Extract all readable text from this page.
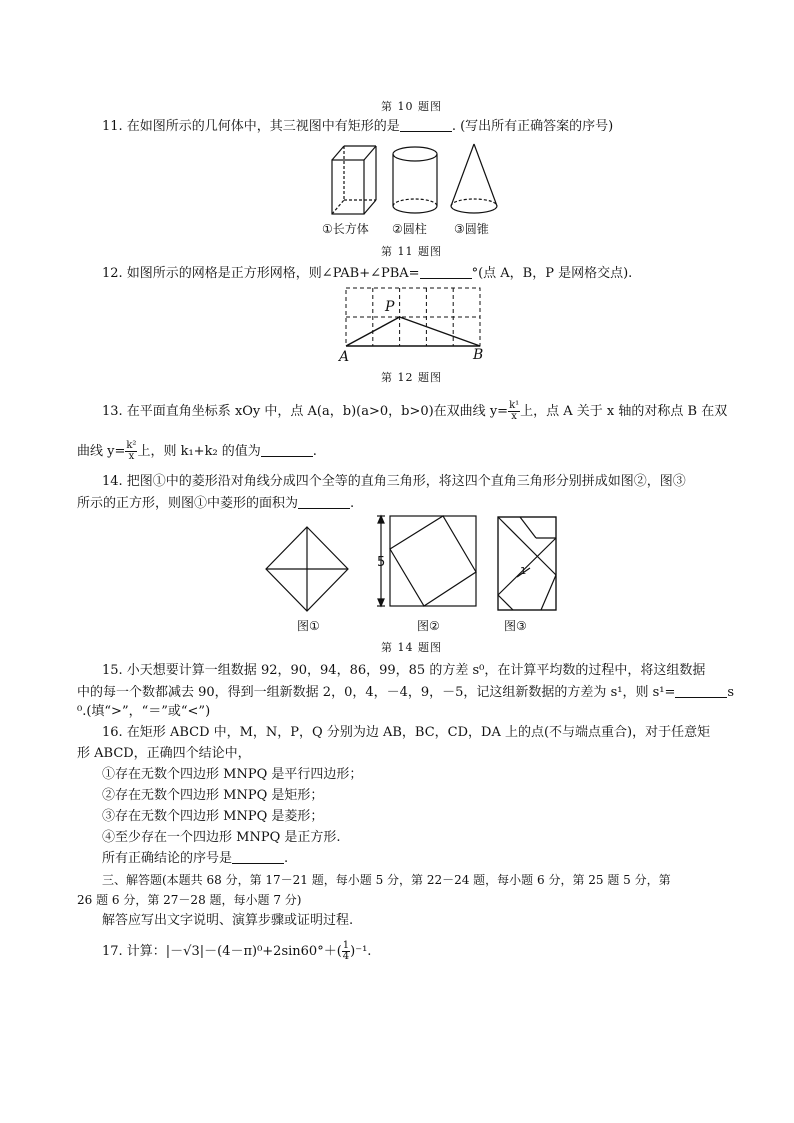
第 10 题图
11. 在如图所示的几何体中，其三视图中有矩形的是	. (写出所有正确答案的序号)
①长方体 ②圆柱 ③圆锥
第 11 题图
12. 如图所示的网格是正方形网格，则∠PAB+∠PBA=	°(点 A，B，P 是网格交点).
P
A	B
第 12 题图
13. 在平面直角坐标系 xOy 中，点 A(a，b)(a>0，b>0)在双曲线 $y= \frac{\text{k¹}}{x}$ 上，点 A 关于 x 轴的对称点 B 在双
曲线 $y= \frac{\text{k²}}{x}$ 上，则 k₁+k₂ 的值为	.
14. 把图①中的菱形沿对角线分成四个全等的直角三角形，将这四个直角三角形分别拼成如图②，图③
所示的正方形，则图①中菱形的面积为	.
5
1
图①	图②	图③
第 14 题图
15. 小天想要计算一组数据 92，90，94，86，99，85 的方差 s⁰，在计算平均数的过程中，将这组数据
中的每一个数都减去 90，得到一组新数据 2，0，4，－4，9，－5，记这组新数据的方差为 s¹，则 s¹=	s
⁰.(填“>”，“＝”或“<”)
16. 在矩形 ABCD 中，M，N，P，Q 分别为边 AB，BC，CD，DA 上的点(不与端点重合)，对于任意矩
形 ABCD，正确四个结论中，
①存在无数个四边形 MNPQ 是平行四边形；
②存在无数个四边形 MNPQ 是矩形；
③存在无数个四边形 MNPQ 是菱形；
④至少存在一个四边形 MNPQ 是正方形.
所有正确结论的序号是	.
三、解答题(本题共 68 分，第 17－21 题，每小题 5 分，第 22－24 题，每小题 6 分，第 25 题 5 分，第
26 题 6 分，第 27－28 题，每小题 7 分)
解答应写出文字说明、演算步骤或证明过程.
17. 计算：$|-√3|-(4-\pi)^0+2\sin 60^\circ+( \frac{1}{4} )^{-1}$.
